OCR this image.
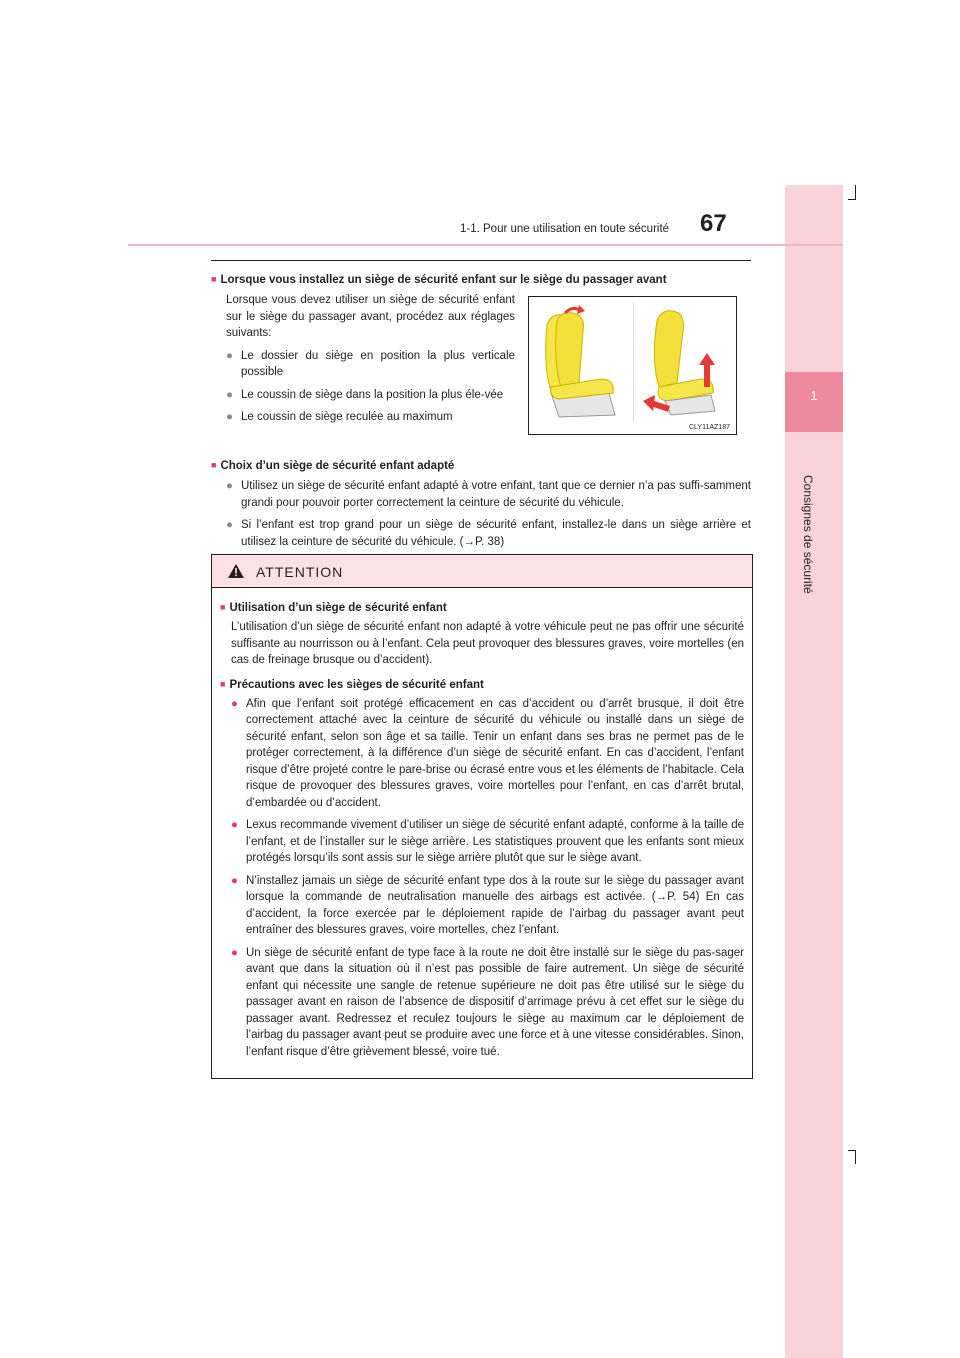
1
Consignes de sécurité
1-1. Pour une utilisation en toute sécurité 67
■ Lorsque vous installez un siège de sécurité enfant sur le siège du passager avant

Lorsque vous devez utiliser un siège de sécurité enfant sur le siège du passager avant, procédez aux réglages suivants:

● Le dossier du siège en position la plus verticale possible
● Le coussin de siège dans la position la plus éle-vée
● Le coussin de siège reculée au maximum
CLY11AZ187
■ Choix d’un siège de sécurité enfant adapté
● Utilisez un siège de sécurité enfant adapté à votre enfant, tant que ce dernier n’a pas suffi-samment grandi pour pouvoir porter correctement la ceinture de sécurité du véhicule.
● Si l’enfant est trop grand pour un siège de sécurité enfant, installez-le dans un siège arrière et utilisez la ceinture de sécurité du véhicule. (→P. 38)
ATTENTION
■ Utilisation d’un siège de sécurité enfant

L’utilisation d’un siège de sécurité enfant non adapté à votre véhicule peut ne pas offrir une sécurité suffisante au nourrisson ou à l’enfant. Cela peut provoquer des blessures graves, voire mortelles (en cas de freinage brusque ou d’accident).

■ Précautions avec les sièges de sécurité enfant
● Afin que l’enfant soit protégé efficacement en cas d’accident ou d’arrêt brusque, il doit être correctement attaché avec la ceinture de sécurité du véhicule ou installé dans un siège de sécurité enfant, selon son âge et sa taille. Tenir un enfant dans ses bras ne permet pas de le protéger correctement, à la différence d’un siège de sécurité enfant. En cas d’accident, l’enfant risque d’être projeté contre le pare-brise ou écrasé entre vous et les éléments de l’habitacle. Cela risque de provoquer des blessures graves, voire mortelles pour l’enfant, en cas d’arrêt brutal, d’embardée ou d’accident.
● Lexus recommande vivement d’utiliser un siège de sécurité enfant adapté, conforme à la taille de l’enfant, et de l’installer sur le siège arrière. Les statistiques prouvent que les enfants sont mieux protégés lorsqu’ils sont assis sur le siège arrière plutôt que sur le siège avant.
● N’installez jamais un siège de sécurité enfant type dos à la route sur le siège du passager avant lorsque la commande de neutralisation manuelle des airbags est activée. (→P. 54) En cas d’accident, la force exercée par le déploiement rapide de l’airbag du passager avant peut entraîner des blessures graves, voire mortelles, chez l’enfant.
● Un siège de sécurité enfant de type face à la route ne doit être installé sur le siège du pas-sager avant que dans la situation où il n’est pas possible de faire autrement. Un siège de sécurité enfant qui nécessite une sangle de retenue supérieure ne doit pas être utilisé sur le siège du passager avant en raison de l’absence de dispositif d’arrimage prévu à cet effet sur le siège du passager avant. Redressez et reculez toujours le siège au maximum car le déploiement de l’airbag du passager avant peut se produire avec une force et à une vitesse considérables. Sinon, l’enfant risque d’être grièvement blessé, voire tué.
